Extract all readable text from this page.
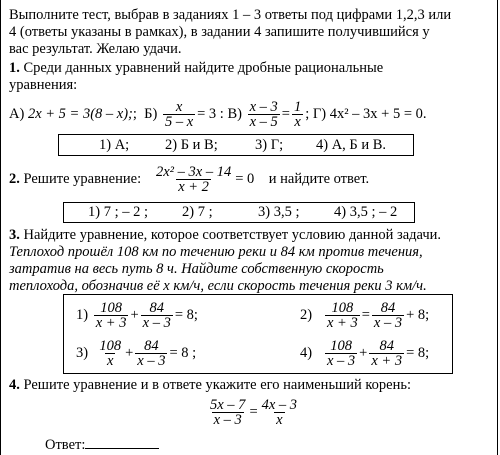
Выполните тест, выбрав в заданиях 1 – 3 ответы под цифрами 1,2,3 или
4 (ответы указаны в рамках), в задании 4 запишите получившийся у
вас результат. Желаю удачи.
1. Среди данных уравнений найдите дробные рациональные
уравнения:
А)
2x + 5 = 3(8 – x); ;
Б)
$\frac{x}{5 - x} = 3$ : В)
$\frac{x - 3}{x - 5} = \frac{1}{x}$ ; Г) 4x² – 3x + 5 = 0.
1) А; 2) Б и В;	3) Г; 4) А, Б и В.
2.
Решите уравнение:
$\frac{\text{2x² – 3x – 14}}{x + 2} = 0$
и найдите ответ.
1) 7 ; – 2 ; 2) 7 ;	3) 3,5 ; 4) 3,5 ; – 2
3. Найдите уравнение, которое соответствует условию данной задачи.
Теплоход прошёл 108 км по течению реки и 84 км против течения,
затратив на весь путь 8 ч. Найдите собственную скорость
теплохода, обозначив её х км/ч, если скорость течения реки 3 км/ч.
1)
$\frac{108}{x + 3} + \frac{84}{x - 3} = 8$;	2)
$\frac{108}{x + 3} = \frac{84}{x - 3} + 8$;
3)
$\frac{108}{x} + \frac{84}{x - 3} = 8$ ;	4)
$\frac{108}{x - 3} + \frac{84}{x + 3} = 8$;
4. Решите уравнение и в ответе укажите его наименьший корень:
$\frac{5x - 7}{x - 3} = \frac{4x - 3}{x}$
Ответ:
